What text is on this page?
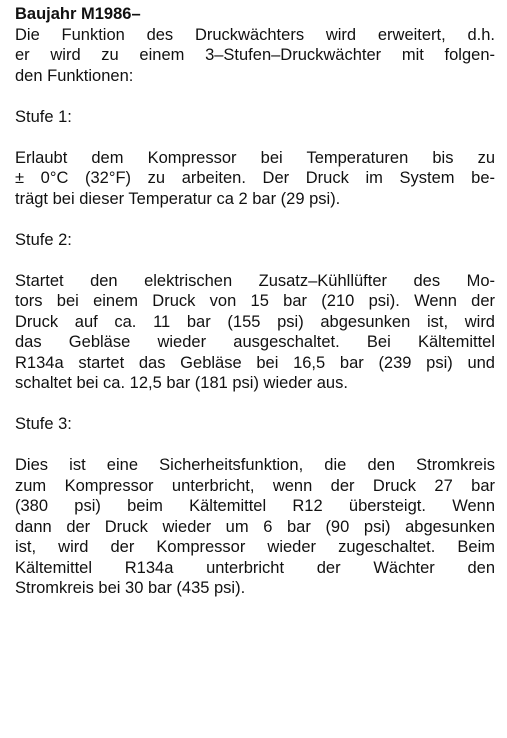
Baujahr M1986–

Die Funktion des Druckwächters wird erweitert, d.h.
er wird zu einem 3–Stufen–Druckwächter mit folgen-
den Funktionen:

Stufe 1:

Erlaubt dem Kompressor bei Temperaturen bis zu
± 0°C (32°F) zu arbeiten. Der Druck im System be-
trägt bei dieser Temperatur ca 2 bar (29 psi).

Stufe 2:

Startet den elektrischen Zusatz–Kühllüfter des Mo-
tors bei einem Druck von 15 bar (210 psi). Wenn der
Druck auf ca. 11 bar (155 psi) abgesunken ist, wird
das Gebläse wieder ausgeschaltet. Bei Kältemittel
R134a startet das Gebläse bei 16,5 bar (239 psi) und
schaltet bei ca. 12,5 bar (181 psi) wieder aus.

Stufe 3:

Dies ist eine Sicherheitsfunktion, die den Stromkreis
zum Kompressor unterbricht, wenn der Druck 27 bar
(380 psi) beim Kältemittel R12 übersteigt. Wenn
dann der Druck wieder um 6 bar (90 psi) abgesunken
ist, wird der Kompressor wieder zugeschaltet. Beim
Kältemittel R134a unterbricht der Wächter den
Stromkreis bei 30 bar (435 psi).
